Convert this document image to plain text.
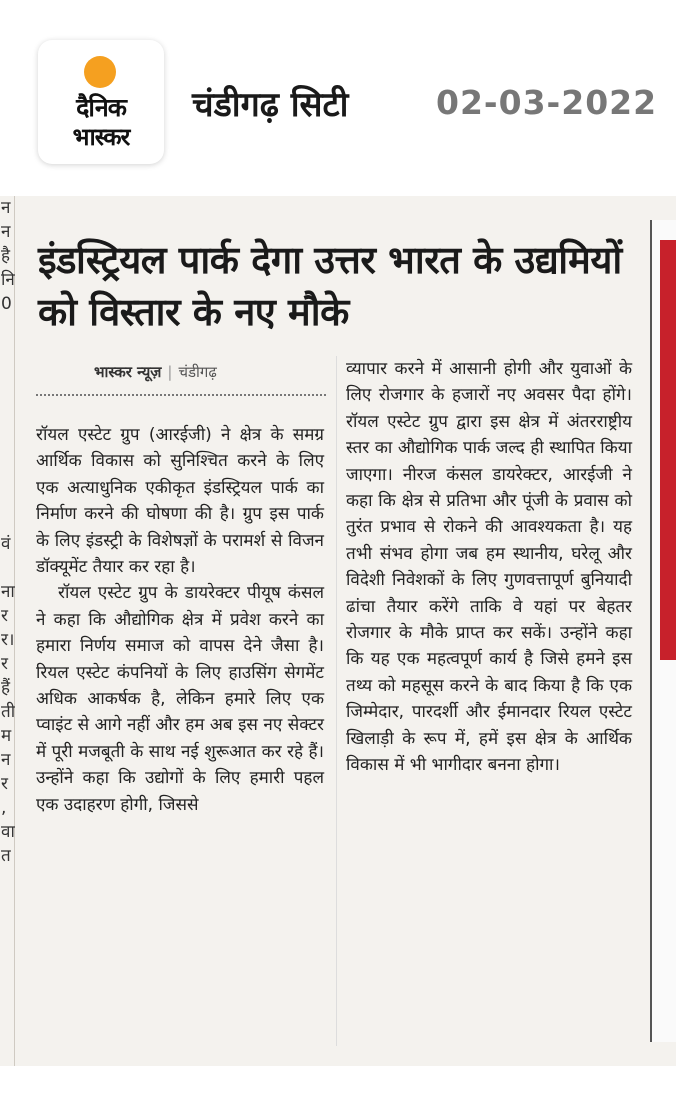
दैनिक
भास्कर
चंडीगढ़ सिटी	02-03-2022
न
न
है
नि
0

वं

ना
र
र।
र
हैं
ती
म
न
र
,
वा
त
इंडस्ट्रियल पार्क देगा उत्तर भारत के उद्यमियों को विस्तार के नए मौके
भास्कर न्यूज़ | चंडीगढ़

रॉयल एस्टेट ग्रुप (आरईजी) ने क्षेत्र के समग्र आर्थिक विकास को सुनिश्चित करने के लिए एक अत्याधुनिक एकीकृत इंडस्ट्रियल पार्क का निर्माण करने की घोषणा की है। ग्रुप इस पार्क के लिए इंडस्ट्री के विशेषज्ञों के परामर्श से विजन डॉक्यूमेंट तैयार कर रहा है।

रॉयल एस्टेट ग्रुप के डायरेक्टर पीयूष कंसल ने कहा कि औद्योगिक क्षेत्र में प्रवेश करने का हमारा निर्णय समाज को वापस देने जैसा है। रियल एस्टेट कंपनियों के लिए हाउसिंग सेगमेंट अधिक आकर्षक है, लेकिन हमारे लिए एक प्वाइंट से आगे नहीं और हम अब इस नए सेक्टर में पूरी मजबूती के साथ नई शुरूआत कर रहे हैं। उन्होंने कहा कि उद्योगों के लिए हमारी पहल एक उदाहरण होगी, जिससे

व्यापार करने में आसानी होगी और युवाओं के लिए रोजगार के हजारों नए अवसर पैदा होंगे। रॉयल एस्टेट ग्रुप द्वारा इस क्षेत्र में अंतरराष्ट्रीय स्तर का औद्योगिक पार्क जल्द ही स्थापित किया जाएगा। नीरज कंसल डायरेक्टर, आरईजी ने कहा कि क्षेत्र से प्रतिभा और पूंजी के प्रवास को तुरंत प्रभाव से रोकने की आवश्यकता है। यह तभी संभव होगा जब हम स्थानीय, घरेलू और विदेशी निवेशकों के लिए गुणवत्तापूर्ण बुनियादी ढांचा तैयार करेंगे ताकि वे यहां पर बेहतर रोजगार के मौके प्राप्त कर सकें। उन्होंने कहा कि यह एक महत्वपूर्ण कार्य है जिसे हमने इस तथ्य को महसूस करने के बाद किया है कि एक जिम्मेदार, पारदर्शी और ईमानदार रियल एस्टेट खिलाड़ी के रूप में, हमें इस क्षेत्र के आर्थिक विकास में भी भागीदार बनना होगा।
